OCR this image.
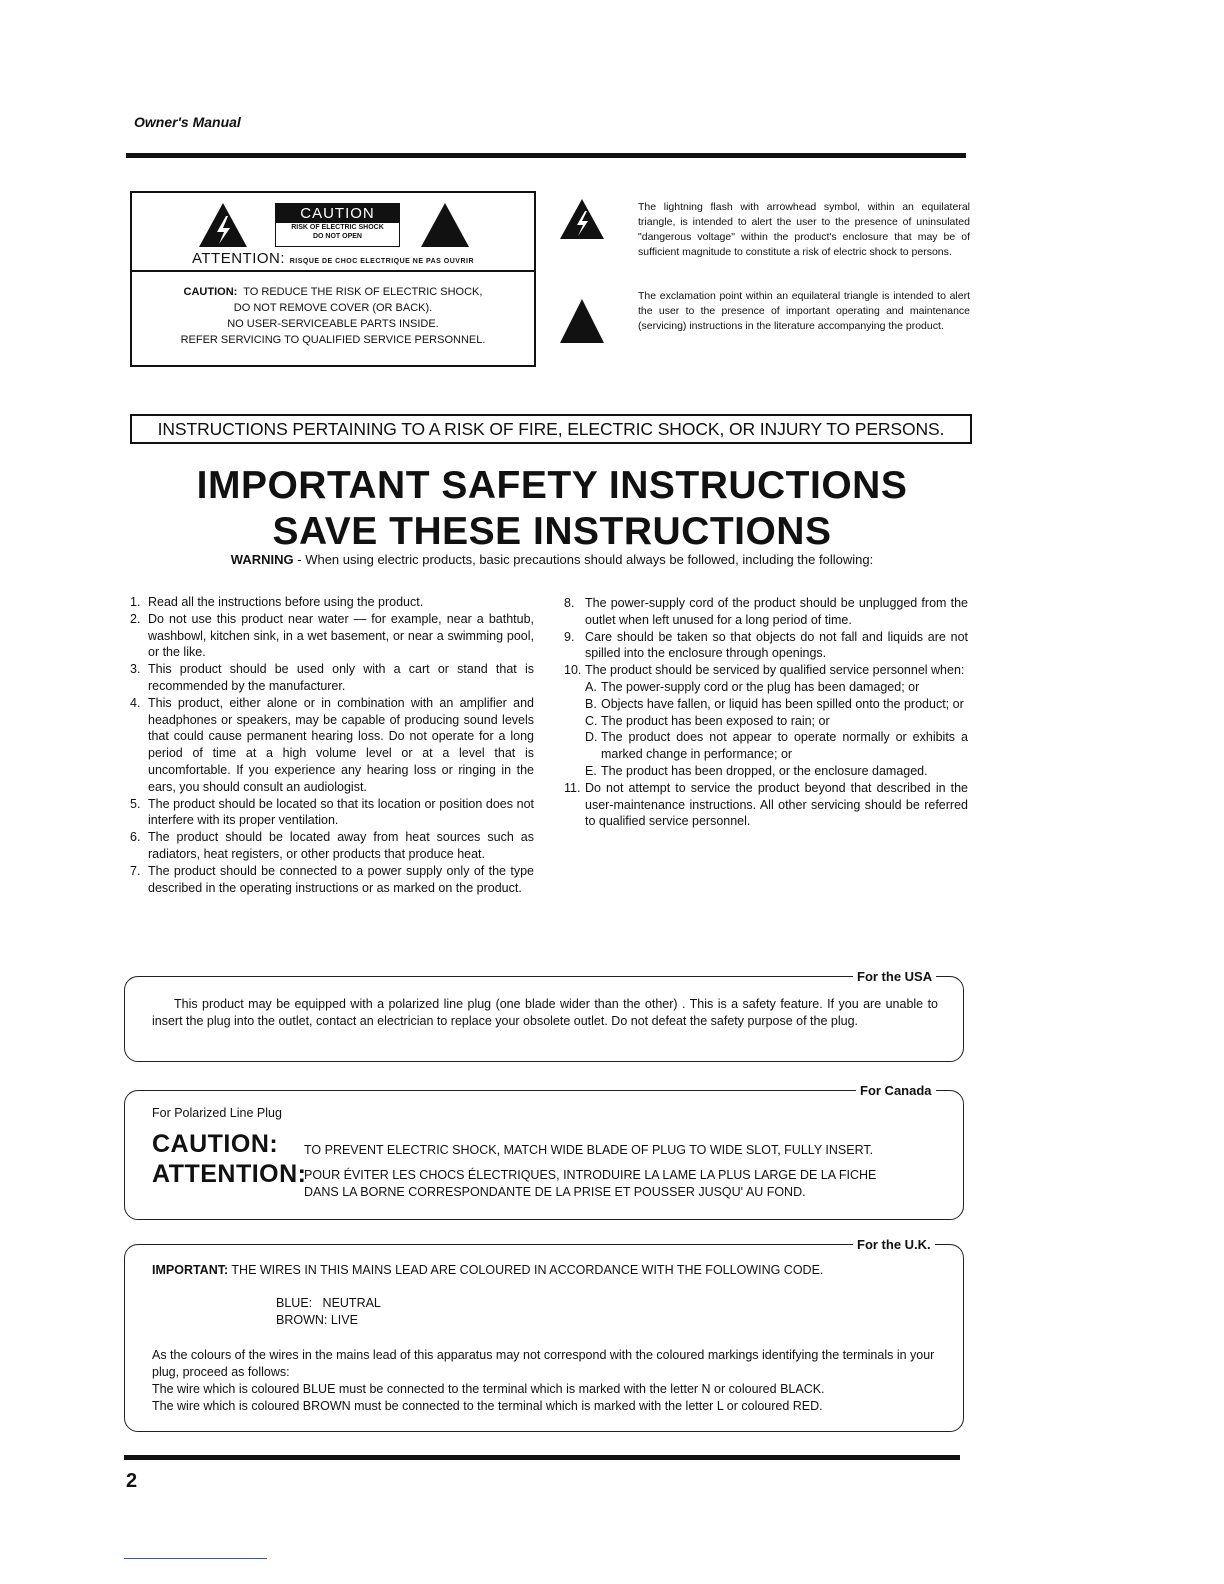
Owner's Manual
CAUTION
RISK OF ELECTRIC SHOCK
DO NOT OPEN
ATTENTION: RISQUE DE CHOC ELECTRIQUE NE PAS OUVRIR
CAUTION: TO REDUCE THE RISK OF ELECTRIC SHOCK,
DO NOT REMOVE COVER (OR BACK).
NO USER-SERVICEABLE PARTS INSIDE.
REFER SERVICING TO QUALIFIED SERVICE PERSONNEL.
The lightning flash with arrowhead symbol, within an equilateral triangle, is intended to alert the user to the presence of uninsulated "dangerous voltage" within the product's enclosure that may be of sufficient magnitude to constitute a risk of electric shock to persons.
The exclamation point within an equilateral triangle is intended to alert the user to the presence of important operating and maintenance (servicing) instructions in the literature accompanying the product.
INSTRUCTIONS PERTAINING TO A RISK OF FIRE, ELECTRIC SHOCK, OR INJURY TO PERSONS.
IMPORTANT SAFETY INSTRUCTIONS
SAVE THESE INSTRUCTIONS
WARNING - When using electric products, basic precautions should always be followed, including the following:
1. Read all the instructions before using the product.
2. Do not use this product near water — for example, near a bathtub, washbowl, kitchen sink, in a wet basement, or near a swimming pool, or the like.
3. This product should be used only with a cart or stand that is recommended by the manufacturer.
4. This product, either alone or in combination with an amplifier and headphones or speakers, may be capable of producing sound levels that could cause permanent hearing loss. Do not operate for a long period of time at a high volume level or at a level that is uncomfortable. If you experience any hearing loss or ringing in the ears, you should consult an audiologist.
5. The product should be located so that its location or position does not interfere with its proper ventilation.
6. The product should be located away from heat sources such as radiators, heat registers, or other products that produce heat.
7. The product should be connected to a power supply only of the type described in the operating instructions or as marked on the product.
8. The power-supply cord of the product should be unplugged from the outlet when left unused for a long period of time.
9. Care should be taken so that objects do not fall and liquids are not spilled into the enclosure through openings.
10. The product should be serviced by qualified service personnel when:
A. The power-supply cord or the plug has been damaged; or
B. Objects have fallen, or liquid has been spilled onto the product; or
C. The product has been exposed to rain; or
D. The product does not appear to operate normally or exhibits a marked change in performance; or
E. The product has been dropped, or the enclosure damaged.
11. Do not attempt to service the product beyond that described in the user-maintenance instructions. All other servicing should be referred to qualified service personnel.
For the USA
This product may be equipped with a polarized line plug (one blade wider than the other) . This is a safety feature. If you are unable to insert the plug into the outlet, contact an electrician to replace your obsolete outlet. Do not defeat the safety purpose of the plug.
For Canada
For Polarized Line Plug
CAUTION: TO PREVENT ELECTRIC SHOCK, MATCH WIDE BLADE OF PLUG TO WIDE SLOT, FULLY INSERT.
ATTENTION:
POUR ÉVITER LES CHOCS ÉLECTRIQUES, INTRODUIRE LA LAME LA PLUS LARGE DE LA FICHE
DANS LA BORNE CORRESPONDANTE DE LA PRISE ET POUSSER JUSQU' AU FOND.
For the U.K.
IMPORTANT: THE WIRES IN THIS MAINS LEAD ARE COLOURED IN ACCORDANCE WITH THE FOLLOWING CODE.
BLUE:   NEUTRAL
BROWN: LIVE
As the colours of the wires in the mains lead of this apparatus may not correspond with the coloured markings identifying the terminals in your plug, proceed as follows:
The wire which is coloured BLUE must be connected to the terminal which is marked with the letter N or coloured BLACK.
The wire which is coloured BROWN must be connected to the terminal which is marked with the letter L or coloured RED.
2
